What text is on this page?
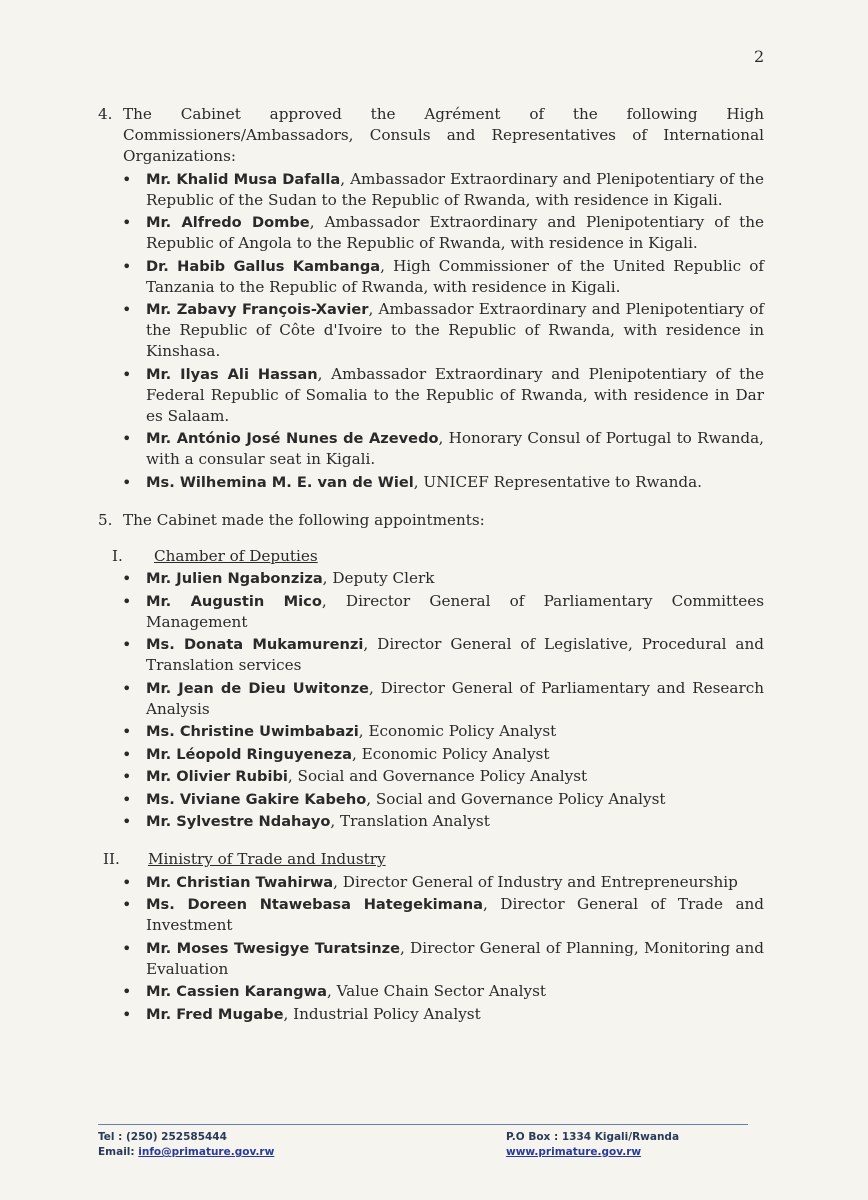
2
4. The Cabinet approved the Agrément of the following High Commissioners/Ambassadors, Consuls and Representatives of International Organizations:

• Mr. Khalid Musa Dafalla, Ambassador Extraordinary and Plenipotentiary of the Republic of the Sudan to the Republic of Rwanda, with residence in Kigali.
• Mr. Alfredo Dombe, Ambassador Extraordinary and Plenipotentiary of the Republic of Angola to the Republic of Rwanda, with residence in Kigali.
• Dr. Habib Gallus Kambanga, High Commissioner of the United Republic of Tanzania to the Republic of Rwanda, with residence in Kigali.
• Mr. Zabavy François-Xavier, Ambassador Extraordinary and Plenipotentiary of the Republic of Côte d'Ivoire to the Republic of Rwanda, with residence in Kinshasa.
• Mr. Ilyas Ali Hassan, Ambassador Extraordinary and Plenipotentiary of the Federal Republic of Somalia to the Republic of Rwanda, with residence in Dar es Salaam.
• Mr. António José Nunes de Azevedo, Honorary Consul of Portugal to Rwanda, with a consular seat in Kigali.
• Ms. Wilhemina M. E. van de Wiel, UNICEF Representative to Rwanda.
5. The Cabinet made the following appointments:

I. Chamber of Deputies
• Mr. Julien Ngabonziza, Deputy Clerk
• Mr. Augustin Mico, Director General of Parliamentary Committees Management
• Ms. Donata Mukamurenzi, Director General of Legislative, Procedural and Translation services
• Mr. Jean de Dieu Uwitonze, Director General of Parliamentary and Research Analysis
• Ms. Christine Uwimbabazi, Economic Policy Analyst
• Mr. Léopold Ringuyeneza, Economic Policy Analyst
• Mr. Olivier Rubibi, Social and Governance Policy Analyst
• Ms. Viviane Gakire Kabeho, Social and Governance Policy Analyst
• Mr. Sylvestre Ndahayo, Translation Analyst
II. Ministry of Trade and Industry
• Mr. Christian Twahirwa, Director General of Industry and Entrepreneurship
• Ms. Doreen Ntawebasa Hategekimana, Director General of Trade and Investment
• Mr. Moses Twesigye Turatsinze, Director General of Planning, Monitoring and Evaluation
• Mr. Cassien Karangwa, Value Chain Sector Analyst
• Mr. Fred Mugabe, Industrial Policy Analyst
Tel : (250) 252585444
Email: info@primature.gov.rw
P.O Box : 1334 Kigali/Rwanda
www.primature.gov.rw
